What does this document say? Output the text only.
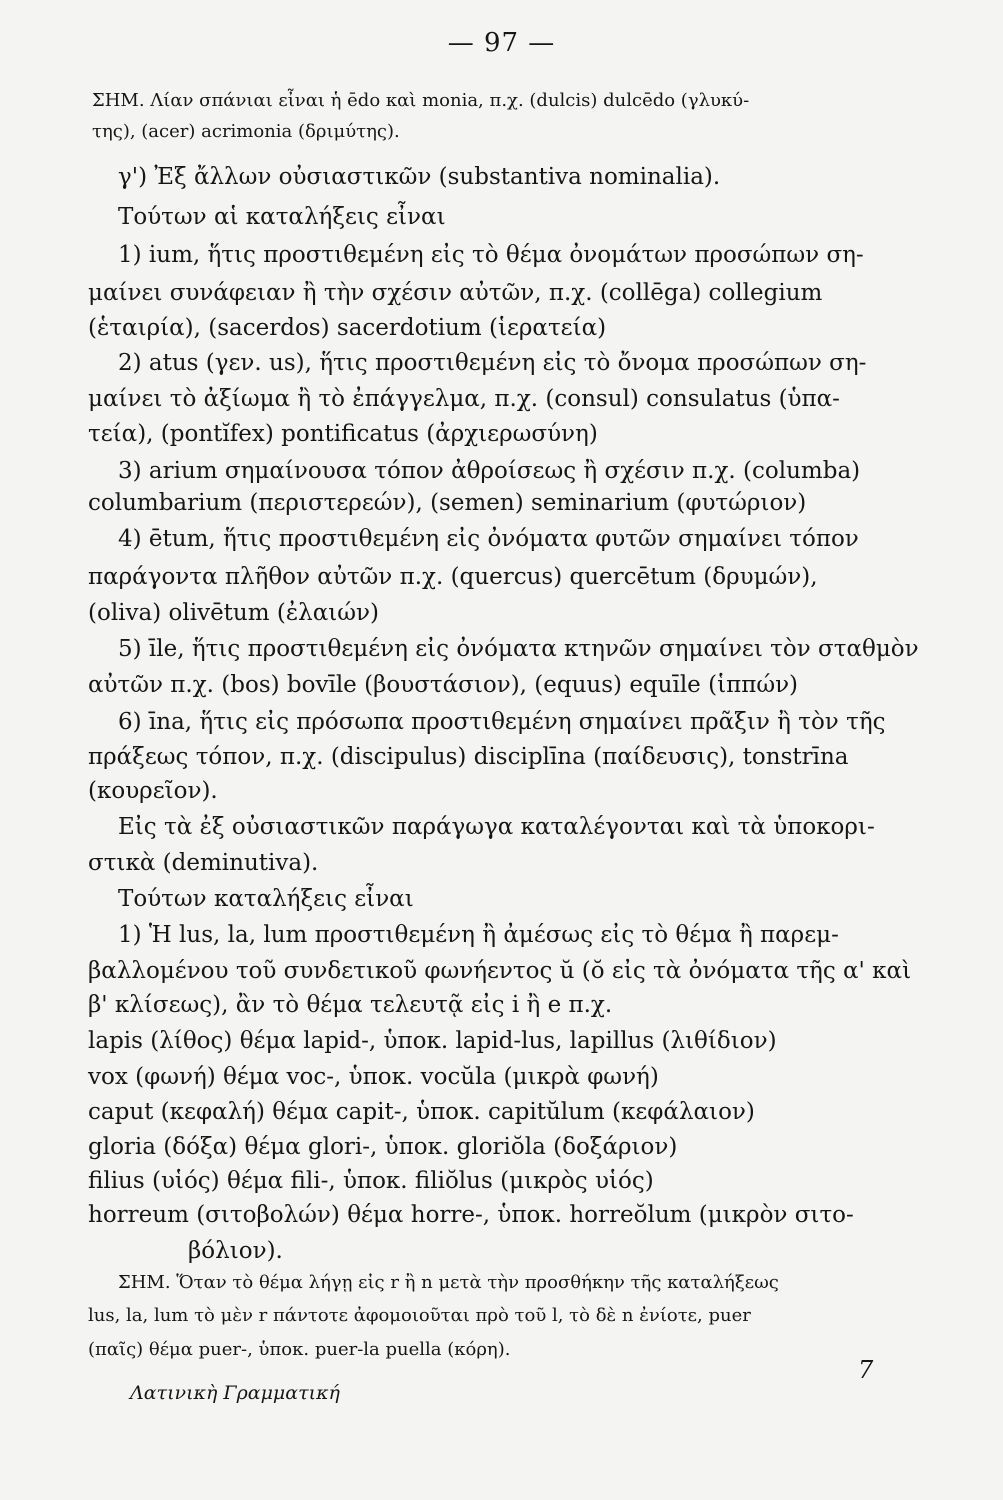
— 97 —
ΣΗΜ. Λίαν σπάνιαι εἶναι ἡ ēdo καὶ monia, π.χ. (dulcis) dulcēdo (γλυκύ-
της), (acer) acrimonia (δριμύτης).
γ') Ἐξ ἄλλων οὐσιαστικῶν (substantiva nominalia).
Τούτων αἱ καταλήξεις εἶναι
1) ium, ἥτις προστιθεμένη εἰς τὸ θέμα ὀνομάτων προσώπων ση-
μαίνει συνάφειαν ἢ τὴν σχέσιν αὐτῶν, π.χ. (collēga) collegium
(ἑταιρία), (sacerdos) sacerdotium (ἱερατεία)
2) atus (γεν. us), ἥτις προστιθεμένη εἰς τὸ ὄνομα προσώπων ση-
μαίνει τὸ ἀξίωμα ἢ τὸ ἐπάγγελμα, π.χ. (consul) consulatus (ὑπα-
τεία), (pontĭfex) pontificatus (ἀρχιερωσύνη)
3) arium σημαίνουσα τόπον ἀθροίσεως ἢ σχέσιν π.χ. (columba)
columbarium (περιστερεών), (semen) seminarium (φυτώριον)
4) ētum, ἥτις προστιθεμένη εἰς ὀνόματα φυτῶν σημαίνει τόπον
παράγοντα πλῆθον αὐτῶν π.χ. (quercus) quercētum (δρυμών),
(oliva) olivētum (ἐλαιών)
5) īle, ἥτις προστιθεμένη εἰς ὀνόματα κτηνῶν σημαίνει τὸν σταθμὸν
αὐτῶν π.χ. (bos) bovīle (βουστάσιον), (equus) equīle (ἱππών)
6) īna, ἥτις εἰς πρόσωπα προστιθεμένη σημαίνει πρᾶξιν ἢ τὸν τῆς
πράξεως τόπον, π.χ. (discipulus) disciplīna (παίδευσις), tonstrīna
(κουρεῖον).
Εἰς τὰ ἐξ οὐσιαστικῶν παράγωγα καταλέγονται καὶ τὰ ὑποκορι-
στικὰ (deminutiva).
Τούτων καταλήξεις εἶναι
1) Ἡ lus, la, lum προστιθεμένη ἢ ἀμέσως εἰς τὸ θέμα ἢ παρεμ-
βαλλομένου τοῦ συνδετικοῦ φωνήεντος ŭ (ŏ εἰς τὰ ὀνόματα τῆς α' καὶ
β' κλίσεως), ἂν τὸ θέμα τελευτᾷ εἰς i ἢ e π.χ.
lapis (λίθος) θέμα lapid-, ὑποκ. lapid-lus, lapillus (λιθίδιον)
vox (φωνή) θέμα voc-, ὑποκ. vocŭla (μικρὰ φωνή)
caput (κεφαλή) θέμα capit-, ὑποκ. capitŭlum (κεφάλαιον)
gloria (δόξα) θέμα glori-, ὑποκ. gloriŏla (δοξάριον)
filius (υἱός) θέμα fili-, ὑποκ. filiŏlus (μικρὸς υἱός)
horreum (σιτοβολών) θέμα horre-, ὑποκ. horreŏlum (μικρὸν σιτο-
βόλιον).
ΣΗΜ. Ὅταν τὸ θέμα λήγῃ εἰς r ἢ n μετὰ τὴν προσθήκην τῆς καταλήξεως
lus, la, lum τὸ μὲν r πάντοτε ἀφομοιοῦται πρὸ τοῦ l, τὸ δὲ n ἐνίοτε, puer
(παῖς) θέμα puer-, ὑποκ. puer-la puella (κόρη).
Λατινικὴ Γραμματική
7
